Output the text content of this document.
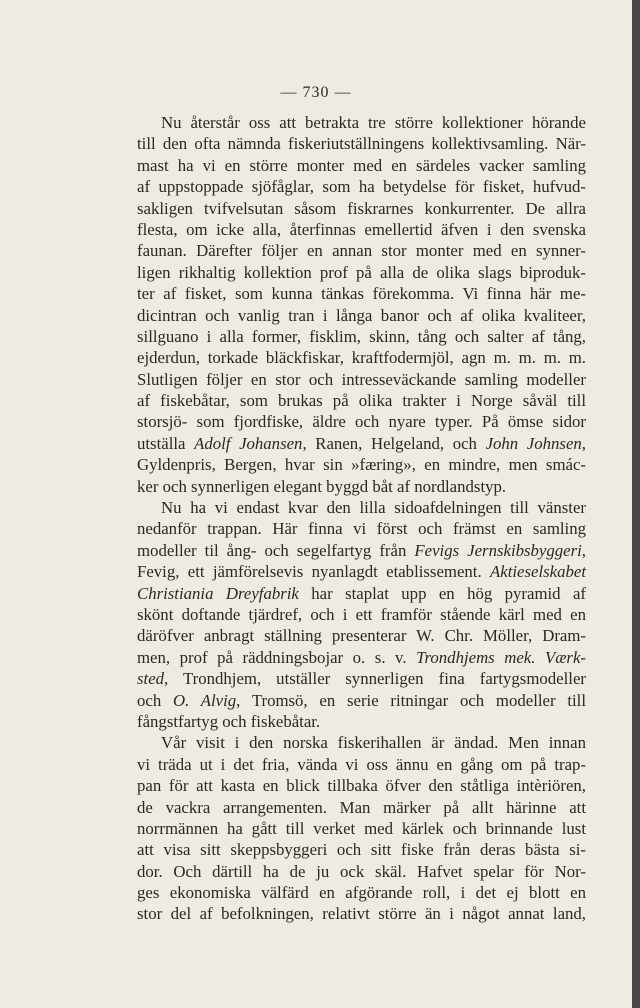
— 730 —
Nu återstår oss att betrakta tre större kollektioner hörande
till den ofta nämnda fiskeriutställningens kollektivsamling. När-
mast ha vi en större monter med en särdeles vacker samling
af uppstoppade sjöfåglar, som ha betydelse för fisket, hufvud-
sakligen tvifvelsutan såsom fiskrarnes konkurrenter. De allra
flesta, om icke alla, återfinnas emellertid äfven i den svenska
faunan. Därefter följer en annan stor monter med en synner-
ligen rikhaltig kollektion prof på alla de olika slags biproduk-
ter af fisket, som kunna tänkas förekomma. Vi finna här me-
dicintran och vanlig tran i långa banor och af olika kvaliteer,
sillguano i alla former, fisklim, skinn, tång och salter af tång,
ejderdun, torkade bläckfiskar, kraftfodermjöl, agn m. m. m. m.
Slutligen följer en stor och intresseväckande samling modeller
af fiskebåtar, som brukas på olika trakter i Norge såväl till
storsjö- som fjordfiske, äldre och nyare typer. På ömse sidor
utställa Adolf Johansen, Ranen, Helgeland, och John Johnsen,
Gyldenpris, Bergen, hvar sin »færing», en mindre, men smác-
ker och synnerligen elegant byggd båt af nordlandstyp.
Nu ha vi endast kvar den lilla sidoafdelningen till vänster
nedanför trappan. Här finna vi först och främst en samling
modeller til ång- och segelfartyg från Fevigs Jernskibsbyggeri,
Fevig, ett jämförelsevis nyanlagdt etablissement. Aktieselskabet
Christiania Dreyfabrik har staplat upp en hög pyramid af
skönt doftande tjärdref, och i ett framför stående kärl med en
däröfver anbragt ställning presenterar W. Chr. Möller, Dram-
men, prof på räddningsbojar o. s. v. Trondhjems mek. Værk-
sted, Trondhjem, utställer synnerligen fina fartygsmodeller
och O. Alvig, Tromsö, en serie ritningar och modeller till
fångstfartyg och fiskebåtar.
Vår visit i den norska fiskerihallen är ändad. Men innan
vi träda ut i det fria, vända vi oss ännu en gång om på trap-
pan för att kasta en blick tillbaka öfver den ståtliga intèriören,
de vackra arrangementen. Man märker på allt härinne att
norrmännen ha gått till verket med kärlek och brinnande lust
att visa sitt skeppsbyggeri och sitt fiske från deras bästa si-
dor. Och därtill ha de ju ock skäl. Hafvet spelar för Nor-
ges ekonomiska välfärd en afgörande roll, i det ej blott en
stor del af befolkningen, relativt större än i något annat land,
